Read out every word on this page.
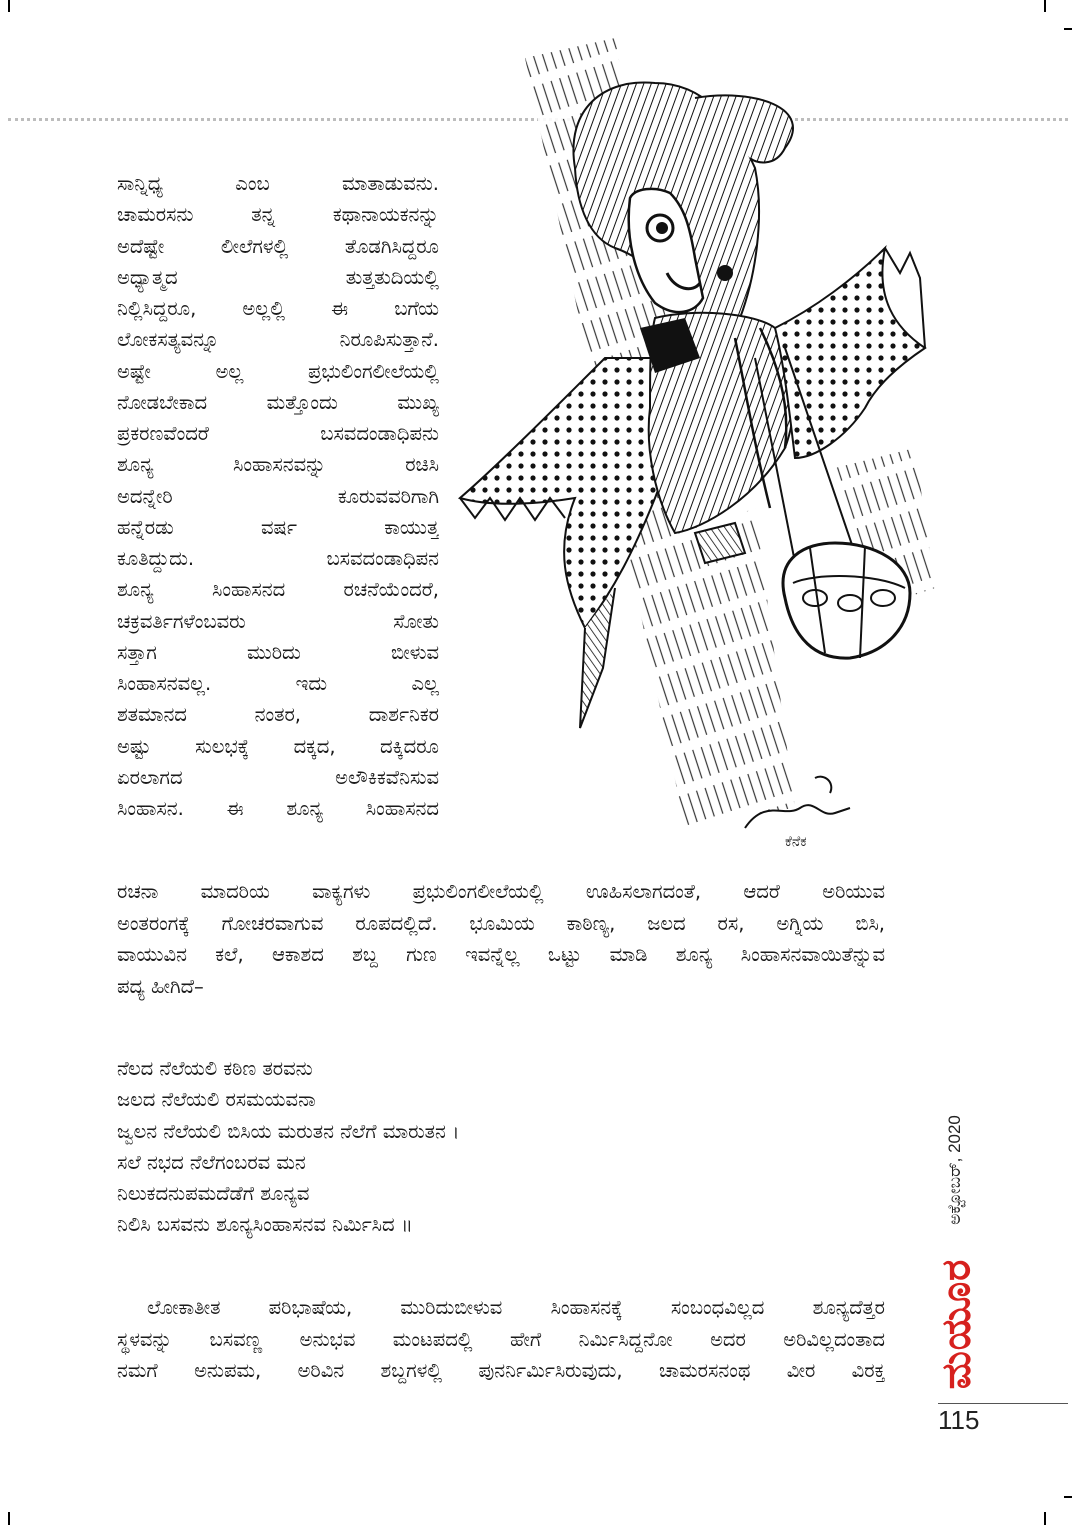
ಕೆನೆಕ
ಸಾನ್ನಿಧ್ಯ ಎಂಬ ಮಾತಾಡುವನು.
ಚಾಮರಸನು ತನ್ನ ಕಥಾನಾಯಕನನ್ನು
ಅದೆಷ್ಟೇ ಲೀಲೆಗಳಲ್ಲಿ ತೊಡಗಿಸಿದ್ದರೂ
ಅಧ್ಯಾತ್ಮದ ತುತ್ತತುದಿಯಲ್ಲಿ
ನಿಲ್ಲಿಸಿದ್ದರೂ, ಅಲ್ಲಲ್ಲಿ ಈ ಬಗೆಯ
ಲೋಕಸತ್ಯವನ್ನೂ ನಿರೂಪಿಸುತ್ತಾನೆ.
ಅಷ್ಟೇ ಅಲ್ಲ ಪ್ರಭುಲಿಂಗಲೀಲೆಯಲ್ಲಿ
ನೋಡಬೇಕಾದ ಮತ್ತೊಂದು ಮುಖ್ಯ
ಪ್ರಕರಣವೆಂದರೆ ಬಸವದಂಡಾಧಿಪನು
ಶೂನ್ಯ ಸಿಂಹಾಸನವನ್ನು ರಚಿಸಿ
ಅದನ್ನೇರಿ ಕೂರುವವರಿಗಾಗಿ
ಹನ್ನೆರಡು ವರ್ಷ ಕಾಯುತ್ತ
ಕೂತಿದ್ದುದು. ಬಸವದಂಡಾಧಿಪನ
ಶೂನ್ಯ ಸಿಂಹಾಸನದ ರಚನೆಯೆಂದರೆ,
ಚಕ್ರವರ್ತಿಗಳೆಂಬವರು ಸೋತು
ಸತ್ತಾಗ ಮುರಿದು ಬೀಳುವ
ಸಿಂಹಾಸನವಲ್ಲ. ಇದು ಎಲ್ಲ
ಶತಮಾನದ ನಂತರ, ದಾರ್ಶನಿಕರ
ಅಷ್ಟು ಸುಲಭಕ್ಕೆ ದಕ್ಕದ, ದಕ್ಕಿದರೂ
ಏರಲಾಗದ ಅಲೌಕಿಕವೆನಿಸುವ
ಸಿಂಹಾಸನ. ಈ ಶೂನ್ಯ ಸಿಂಹಾಸನದ
ರಚನಾ ಮಾದರಿಯ ವಾಕ್ಯಗಳು ಪ್ರಭುಲಿಂಗಲೀಲೆಯಲ್ಲಿ ಊಹಿಸಲಾಗದಂತೆ, ಆದರೆ ಅರಿಯುವ
ಅಂತರಂಗಕ್ಕೆ ಗೋಚರವಾಗುವ ರೂಪದಲ್ಲಿದೆ. ಭೂಮಿಯ ಕಾಠಿಣ್ಯ, ಜಲದ ರಸ, ಅಗ್ನಿಯ ಬಿಸಿ,
ವಾಯುವಿನ ಕಲೆ, ಆಕಾಶದ ಶಬ್ದ ಗುಣ ಇವನ್ನೆಲ್ಲ ಒಟ್ಟು ಮಾಡಿ ಶೂನ್ಯ ಸಿಂಹಾಸನವಾಯಿತೆನ್ನುವ
ಪದ್ಯ ಹೀಗಿದೆ–
ನೆಲದ ನೆಲೆಯಲಿ ಕಠಿಣ ತರವನು
ಜಲದ ನೆಲೆಯಲಿ ರಸಮಯವನಾ
ಜ್ವಲನ ನೆಲೆಯಲಿ ಬಿಸಿಯ ಮರುತನ ನೆಲೆಗೆ ಮಾರುತನ ।
ಸಲೆ ನಭದ ನೆಲೆಗಂಬರವ ಮನ
ನಿಲುಕದನುಪಮದೆಡೆಗೆ ಶೂನ್ಯವ
ನಿಲಿಸಿ ಬಸವನು ಶೂನ್ಯಸಿಂಹಾಸನವ ನಿರ್ಮಿಸಿದ ॥
ಲೋಕಾತೀತ ಪರಿಭಾಷೆಯ, ಮುರಿದುಬೀಳುವ ಸಿಂಹಾಸನಕ್ಕೆ ಸಂಬಂಧವಿಲ್ಲದ ಶೂನ್ಯದೆತ್ತರ
ಸ್ಥಳವನ್ನು ಬಸವಣ್ಣ ಅನುಭವ ಮಂಟಪದಲ್ಲಿ ಹೇಗೆ ನಿರ್ಮಿಸಿದ್ದನೋ ಅದರ ಅರಿವಿಲ್ಲದಂತಾದ
ನಮಗೆ ಅನುಪಮ, ಅರಿವಿನ ಶಬ್ದಗಳಲ್ಲಿ ಪುನರ್ನಿರ್ಮಿಸಿರುವುದು, ಚಾಮರಸನಂಥ ವೀರ ವಿರಕ್ತ
ಅಕ್ಟೋಬರ್, 2020
ಮಯೂರ
115
